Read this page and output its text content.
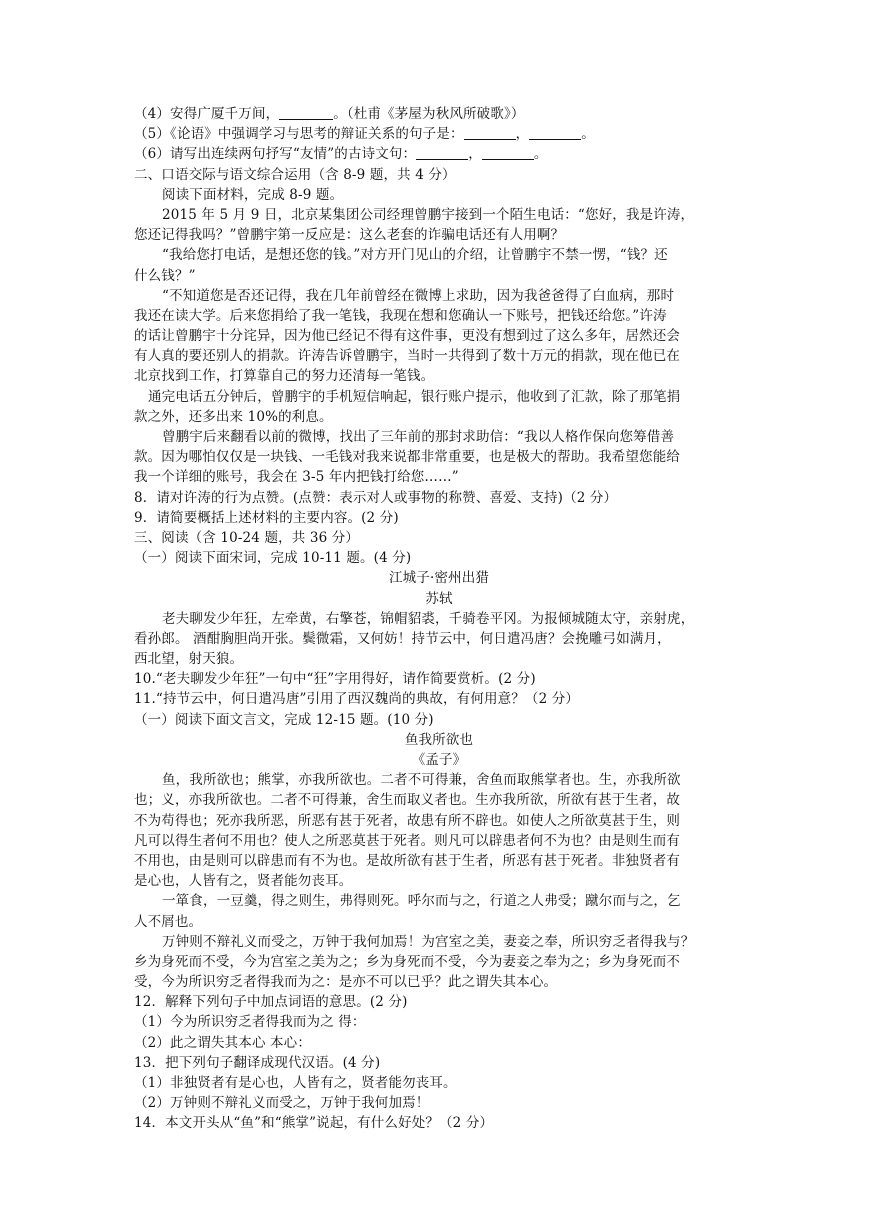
（4）安得广厦千万间，	。（杜甫《茅屋为秋风所破歌》）
（5）《论语》中强调学习与思考的辩证关系的句子是：	，	。
（6）请写出连续两句抒写“友情”的古诗文句：	，	。
二、口语交际与语文综合运用（含 8-9 题，共 4 分）
阅读下面材料，完成 8-9 题。
2015 年 5 月 9 日，北京某集团公司经理曾鹏宇接到一个陌生电话：“您好，我是许涛，
您还记得我吗？”曾鹏宇第一反应是：这么老套的诈骗电话还有人用啊？
“我给您打电话，是想还您的钱。”对方开门见山的介绍，让曾鹏宇不禁一愣，“钱？还
什么钱？”
“不知道您是否还记得，我在几年前曾经在微博上求助，因为我爸爸得了白血病，那时
我还在读大学。后来您捐给了我一笔钱，我现在想和您确认一下账号，把钱还给您。”许涛
的话让曾鹏宇十分诧异，因为他已经记不得有这件事，更没有想到过了这么多年，居然还会
有人真的要还别人的捐款。许涛告诉曾鹏宇，当时一共得到了数十万元的捐款，现在他已在
北京找到工作，打算靠自己的努力还清每一笔钱。
通完电话五分钟后，曾鹏宇的手机短信响起，银行账户提示，他收到了汇款，除了那笔捐
款之外，还多出来 10%的利息。
曾鹏宇后来翻看以前的微博，找出了三年前的那封求助信：“我以人格作保向您筹借善
款。因为哪怕仅仅是一块钱、一毛钱对我来说都非常重要，也是极大的帮助。我希望您能给
我一个详细的账号，我会在 3-5 年内把钱打给您……”
8．请对许涛的行为点赞。(点赞：表示对人或事物的称赞、喜爱、支持)（2 分）
9．请简要概括上述材料的主要内容。(2 分)
三、阅读（含 10-24 题，共 36 分）
（一）阅读下面宋词，完成 10-11 题。(4 分)
江城子·密州出猎
苏轼
老夫聊发少年狂，左牵黄，右擎苍，锦帽貂裘，千骑卷平冈。为报倾城随太守，亲射虎，
看孙郎。 酒酣胸胆尚开张。鬓微霜，又何妨！持节云中，何日遣冯唐？会挽雕弓如满月，
西北望，射天狼。
10.“老夫聊发少年狂”一句中“狂”字用得好，请作简要赏析。(2 分)
11.“持节云中，何日遣冯唐”引用了西汉魏尚的典故，有何用意？（2 分）
（一）阅读下面文言文，完成 12-15 题。(10 分)
鱼我所欲也
《孟子》
鱼，我所欲也；熊掌，亦我所欲也。二者不可得兼，舍鱼而取熊掌者也。生，亦我所欲
也；义，亦我所欲也。二者不可得兼，舍生而取义者也。生亦我所欲，所欲有甚于生者，故
不为苟得也；死亦我所恶，所恶有甚于死者，故患有所不辟也。如使人之所欲莫甚于生，则
凡可以得生者何不用也？使人之所恶莫甚于死者。则凡可以辟患者何不为也？由是则生而有
不用也，由是则可以辟患而有不为也。是故所欲有甚于生者，所恶有甚于死者。非独贤者有
是心也，人皆有之，贤者能勿丧耳。
一箪食，一豆羹，得之则生，弗得则死。呼尔而与之，行道之人弗受；蹴尔而与之，乞
人不屑也。
万钟则不辩礼义而受之，万钟于我何加焉！为宫室之美，妻妾之奉，所识穷乏者得我与？
乡为身死而不受，今为宫室之美为之；乡为身死而不受，今为妻妾之奉为之；乡为身死而不
受，今为所识穷乏者得我而为之：是亦不可以已乎？此之谓失其本心。
12．解释下列句子中加点词语的意思。(2 分)
（1）今为所识穷乏者得我而为之 得：
（2）此之谓失其本心 本心：
13．把下列句子翻译成现代汉语。(4 分)
（1）非独贤者有是心也，人皆有之，贤者能勿丧耳。
（2）万钟则不辩礼义而受之，万钟于我何加焉！
14．本文开头从“鱼”和“熊掌”说起，有什么好处？（2 分）
